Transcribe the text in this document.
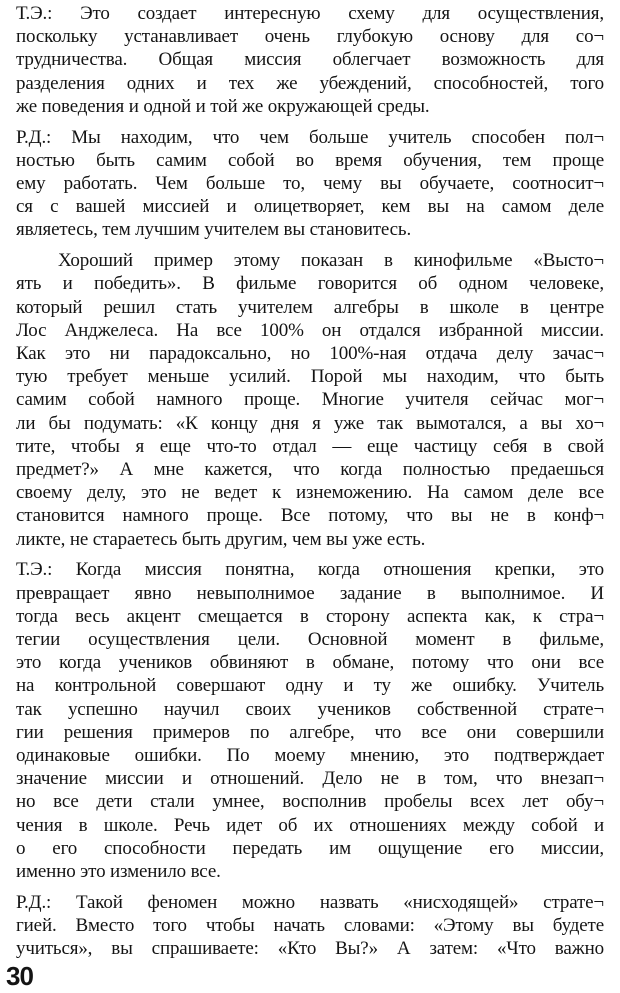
Т.Э.: Это создает интересную схему для осуществления,
поскольку устанавливает очень глубокую основу для со¬
трудничества. Общая миссия облегчает возможность для
разделения одних и тех же убеждений, способностей, того
же поведения и одной и той же окружающей среды.
Р.Д.: Мы находим, что чем больше учитель способен пол¬
ностью быть самим собой во время обучения, тем проще
ему работать. Чем больше то, чему вы обучаете, соотносит¬
ся с вашей миссией и олицетворяет, кем вы на самом деле
являетесь, тем лучшим учителем вы становитесь.
Хороший пример этому показан в кинофильме «Высто¬
ять и победить». В фильме говорится об одном человеке,
который решил стать учителем алгебры в школе в центре
Лос Анджелеса. На все 100% он отдался избранной миссии.
Как это ни парадоксально, но 100%-ная отдача делу зачас¬
тую требует меньше усилий. Порой мы находим, что быть
самим собой намного проще. Многие учителя сейчас мог¬
ли бы подумать: «К концу дня я уже так вымотался, а вы хо¬
тите, чтобы я еще что-то отдал — еще частицу себя в свой
предмет?» А мне кажется, что когда полностью предаешься
своему делу, это не ведет к изнеможению. На самом деле все
становится намного проще. Все потому, что вы не в конф¬
ликте, не стараетесь быть другим, чем вы уже есть.
Т.Э.: Когда миссия понятна, когда отношения крепки, это
превращает явно невыполнимое задание в выполнимое. И
тогда весь акцент смещается в сторону аспекта как, к стра¬
тегии осуществления цели. Основной момент в фильме,
это когда учеников обвиняют в обмане, потому что они все
на контрольной совершают одну и ту же ошибку. Учитель
так успешно научил своих учеников собственной страте¬
гии решения примеров по алгебре, что все они совершили
одинаковые ошибки. По моему мнению, это подтверждает
значение миссии и отношений. Дело не в том, что внезап¬
но все дети стали умнее, восполнив пробелы всех лет обу¬
чения в школе. Речь идет об их отношениях между собой и
о его способности передать им ощущение его миссии,
именно это изменило все.
Р.Д.: Такой феномен можно назвать «нисходящей» страте¬
гией. Вместо того чтобы начать словами: «Этому вы будете
учиться», вы спрашиваете: «Кто Вы?» А затем: «Что важно
30
